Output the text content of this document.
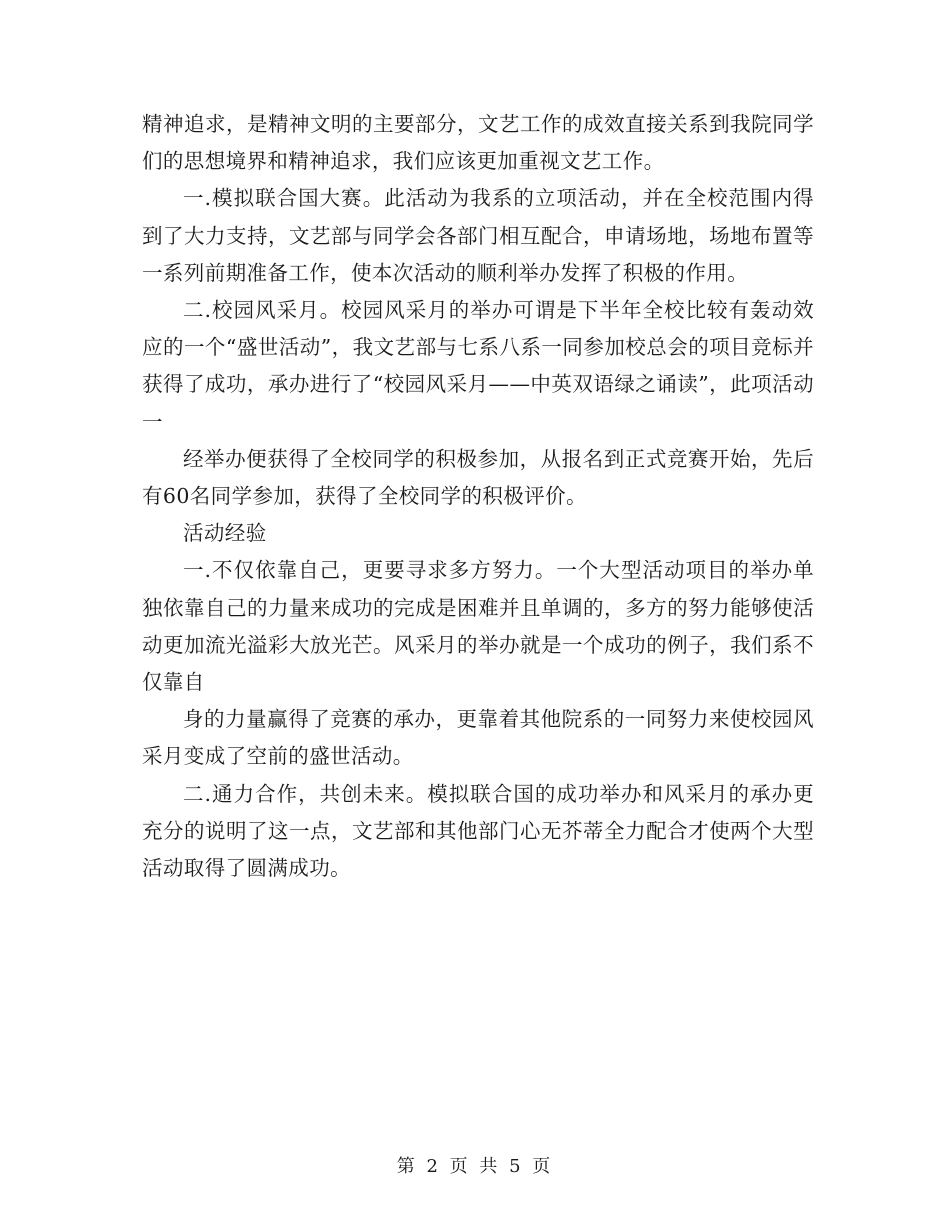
精神追求，是精神文明的主要部分，文艺工作的成效直接关系到我院同学们的思想境界和精神追求，我们应该更加重视文艺工作。

一.模拟联合国大赛。此活动为我系的立项活动，并在全校范围内得到了大力支持，文艺部与同学会各部门相互配合，申请场地，场地布置等一系列前期准备工作，使本次活动的顺利举办发挥了积极的作用。

二.校园风采月。校园风采月的举办可谓是下半年全校比较有轰动效应的一个“盛世活动”，我文艺部与七系八系一同参加校总会的项目竞标并获得了成功，承办进行了“校园风采月——中英双语绿之诵读”，此项活动一

经举办便获得了全校同学的积极参加，从报名到正式竞赛开始，先后有60名同学参加，获得了全校同学的积极评价。

活动经验

一.不仅依靠自己，更要寻求多方努力。一个大型活动项目的举办单独依靠自己的力量来成功的完成是困难并且单调的，多方的努力能够使活动更加流光溢彩大放光芒。风采月的举办就是一个成功的例子，我们系不仅靠自

身的力量赢得了竞赛的承办，更靠着其他院系的一同努力来使校园风采月变成了空前的盛世活动。

二.通力合作，共创未来。模拟联合国的成功举办和风采月的承办更充分的说明了这一点，文艺部和其他部门心无芥蒂全力配合才使两个大型活动取得了圆满成功。

第 2 页 共 5 页
